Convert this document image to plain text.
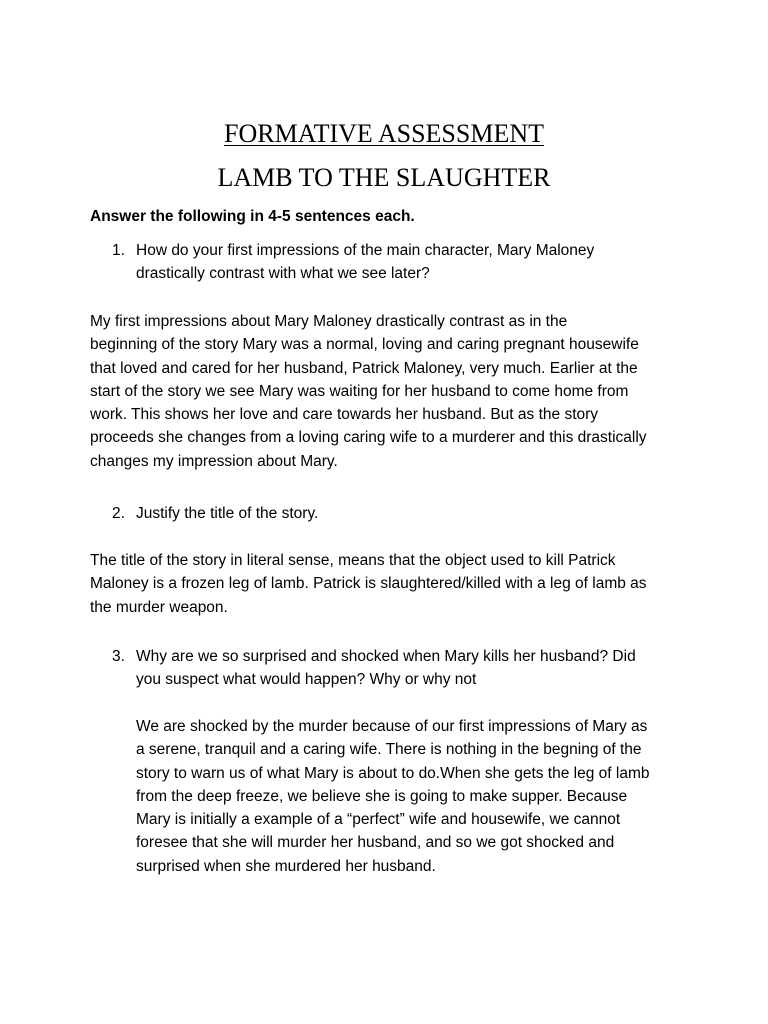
FORMATIVE ASSESSMENT
LAMB TO THE SLAUGHTER
Answer the following in 4-5 sentences each.
1. How do your first impressions of the main character, Mary Maloney
drastically contrast with what we see later?
My first impressions about Mary Maloney drastically contrast as in the
beginning of the story Mary was a normal, loving and caring pregnant housewife
that loved and cared for her husband, Patrick Maloney, very much. Earlier at the
start of the story we see Mary was waiting for her husband to come home from
work. This shows her love and care towards her husband. But as the story
proceeds she changes from a loving caring wife to a murderer and this drastically
changes my impression about Mary.
2. Justify the title of the story.
The title of the story in literal sense, means that the object used to kill Patrick
Maloney is a frozen leg of lamb. Patrick is slaughtered/killed with a leg of lamb as
the murder weapon.
3. Why are we so surprised and shocked when Mary kills her husband? Did
you suspect what would happen? Why or why not
We are shocked by the murder because of our first impressions of Mary as
a serene, tranquil and a caring wife. There is nothing in the begning of the
story to warn us of what Mary is about to do.When she gets the leg of lamb
from the deep freeze, we believe she is going to make supper. Because
Mary is initially a example of a “perfect” wife and housewife, we cannot
foresee that she will murder her husband, and so we got shocked and
surprised when she murdered her husband.
